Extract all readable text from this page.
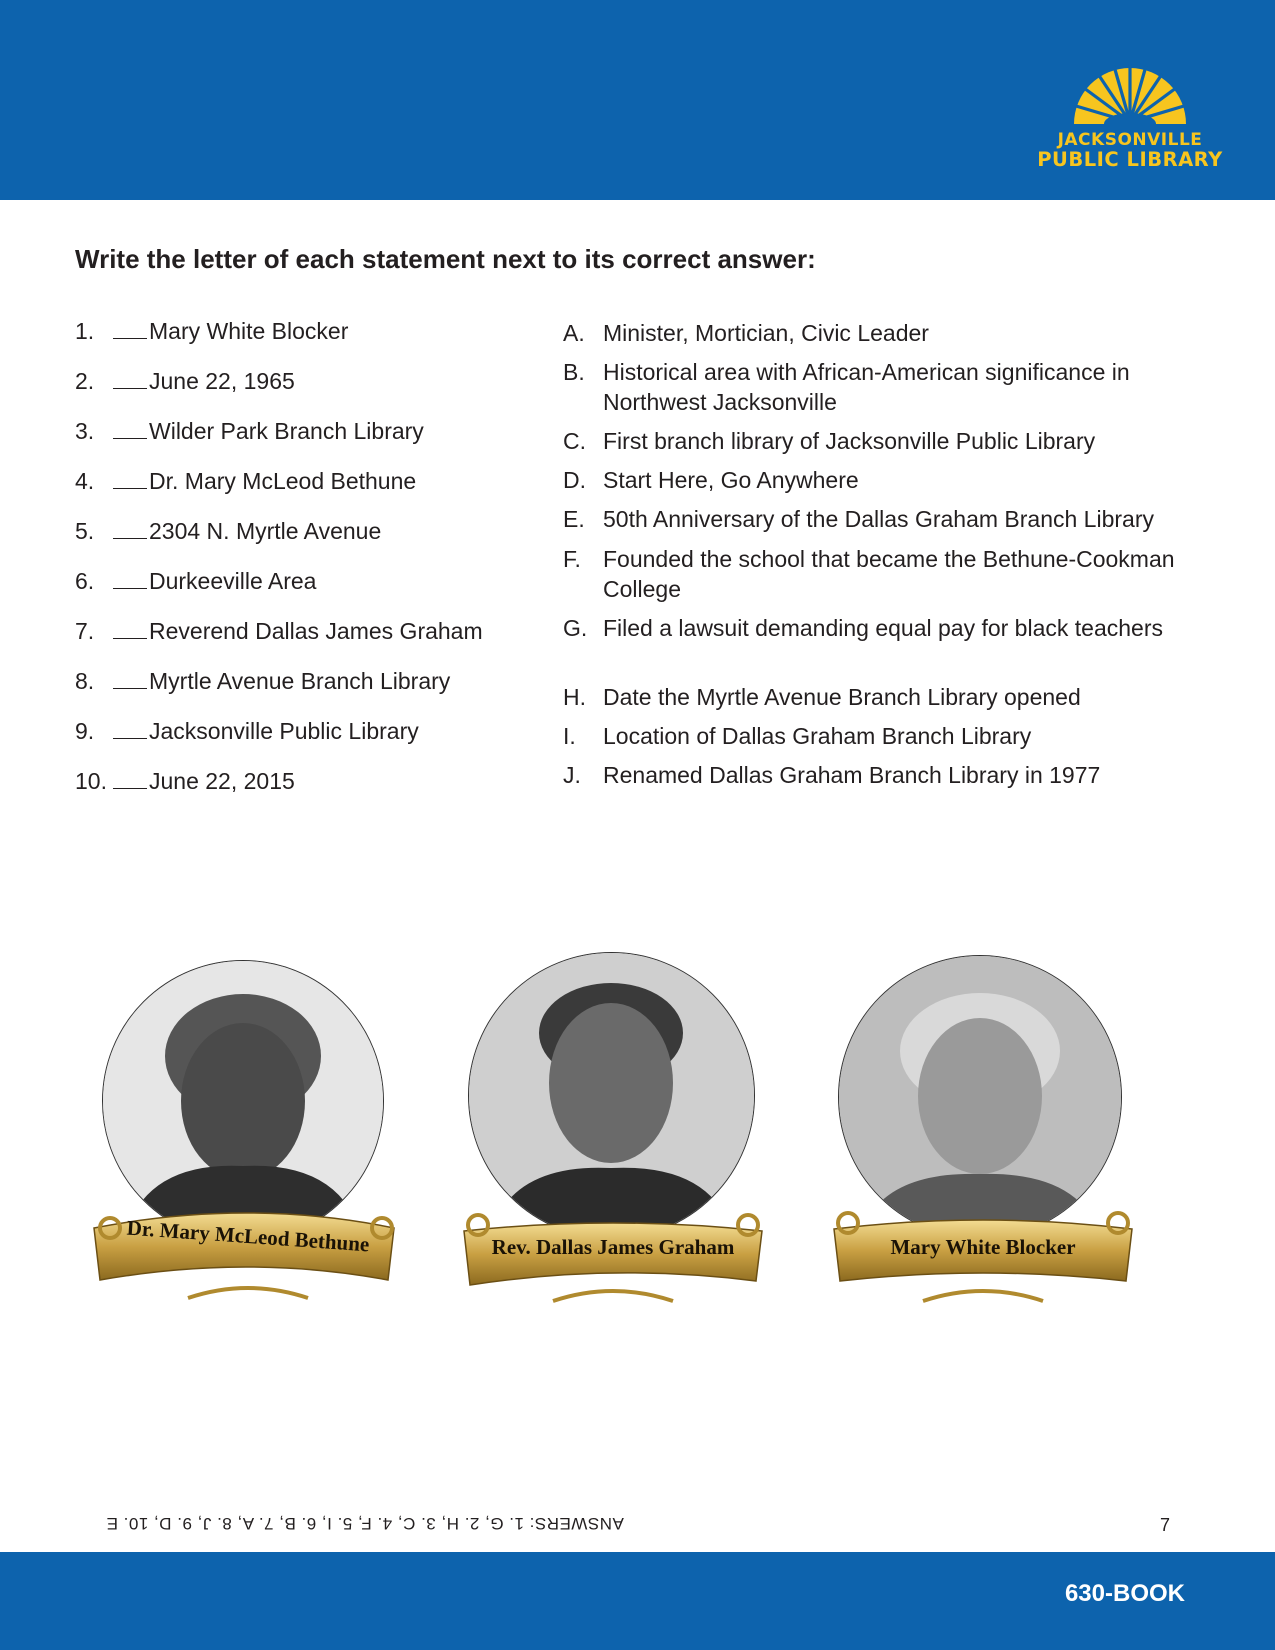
JACKSONVILLE
PUBLIC LIBRARY
Write the letter of each statement next to its correct answer:
1.	Mary White Blocker
2.	June 22, 1965
3.	Wilder Park Branch Library
4.	Dr. Mary McLeod Bethune
5.	2304 N. Myrtle Avenue
6.	Durkeeville Area
7.	Reverend Dallas James Graham
8.	Myrtle Avenue Branch Library
9.	Jacksonville Public Library
10. June 22, 2015
A. Minister, Mortician, Civic Leader
B. Historical area with African-American significance in Northwest Jacksonville
C. First branch library of Jacksonville Public Library
D. Start Here, Go Anywhere
E. 50th Anniversary of the Dallas Graham Branch Library
F. Founded the school that became the Bethune-Cookman College
G. Filed a lawsuit demanding equal pay for black teachers
H. Date the Myrtle Avenue Branch Library opened
I.	Location of Dallas Graham Branch Library
J. Renamed Dallas Graham Branch Library in 1977
Dr. Mary McLeod Bethune	Rev. Dallas James Graham	Mary White Blocker
ANSWERS: 1. G, 2. H, 3. C, 4. F, 5. I, 6. B, 7. A, 8. J, 9. D, 10. E	7
630-BOOK
